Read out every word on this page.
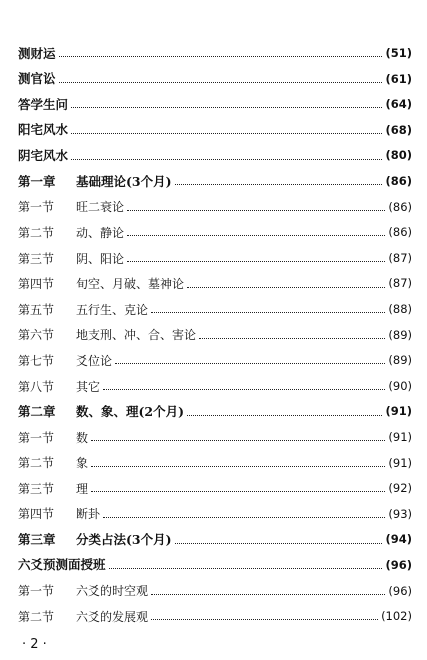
测财运	(51)
测官讼	(61)
答学生问	(64)
阳宅风水	(68)
阴宅风水	(80)
第一章	基础理论(3个月)	(86)
第一节	旺二衰论	(86)
第二节	动、静论	(86)
第三节	阴、阳论	(87)
第四节	旬空、月破、墓神论	(87)
第五节	五行生、克论	(88)
第六节	地支刑、冲、合、害论	(89)
第七节	爻位论	(89)
第八节	其它	(90)
第二章	数、象、理(2个月)	(91)
第一节	数	(91)
第二节	象	(91)
第三节	理	(92)
第四节	断卦	(93)
第三章	分类占法(3个月)	(94)
六爻预测面授班	(96)
第一节	六爻的时空观	(96)
第二节	六爻的发展观	(102)
· 2 ·
